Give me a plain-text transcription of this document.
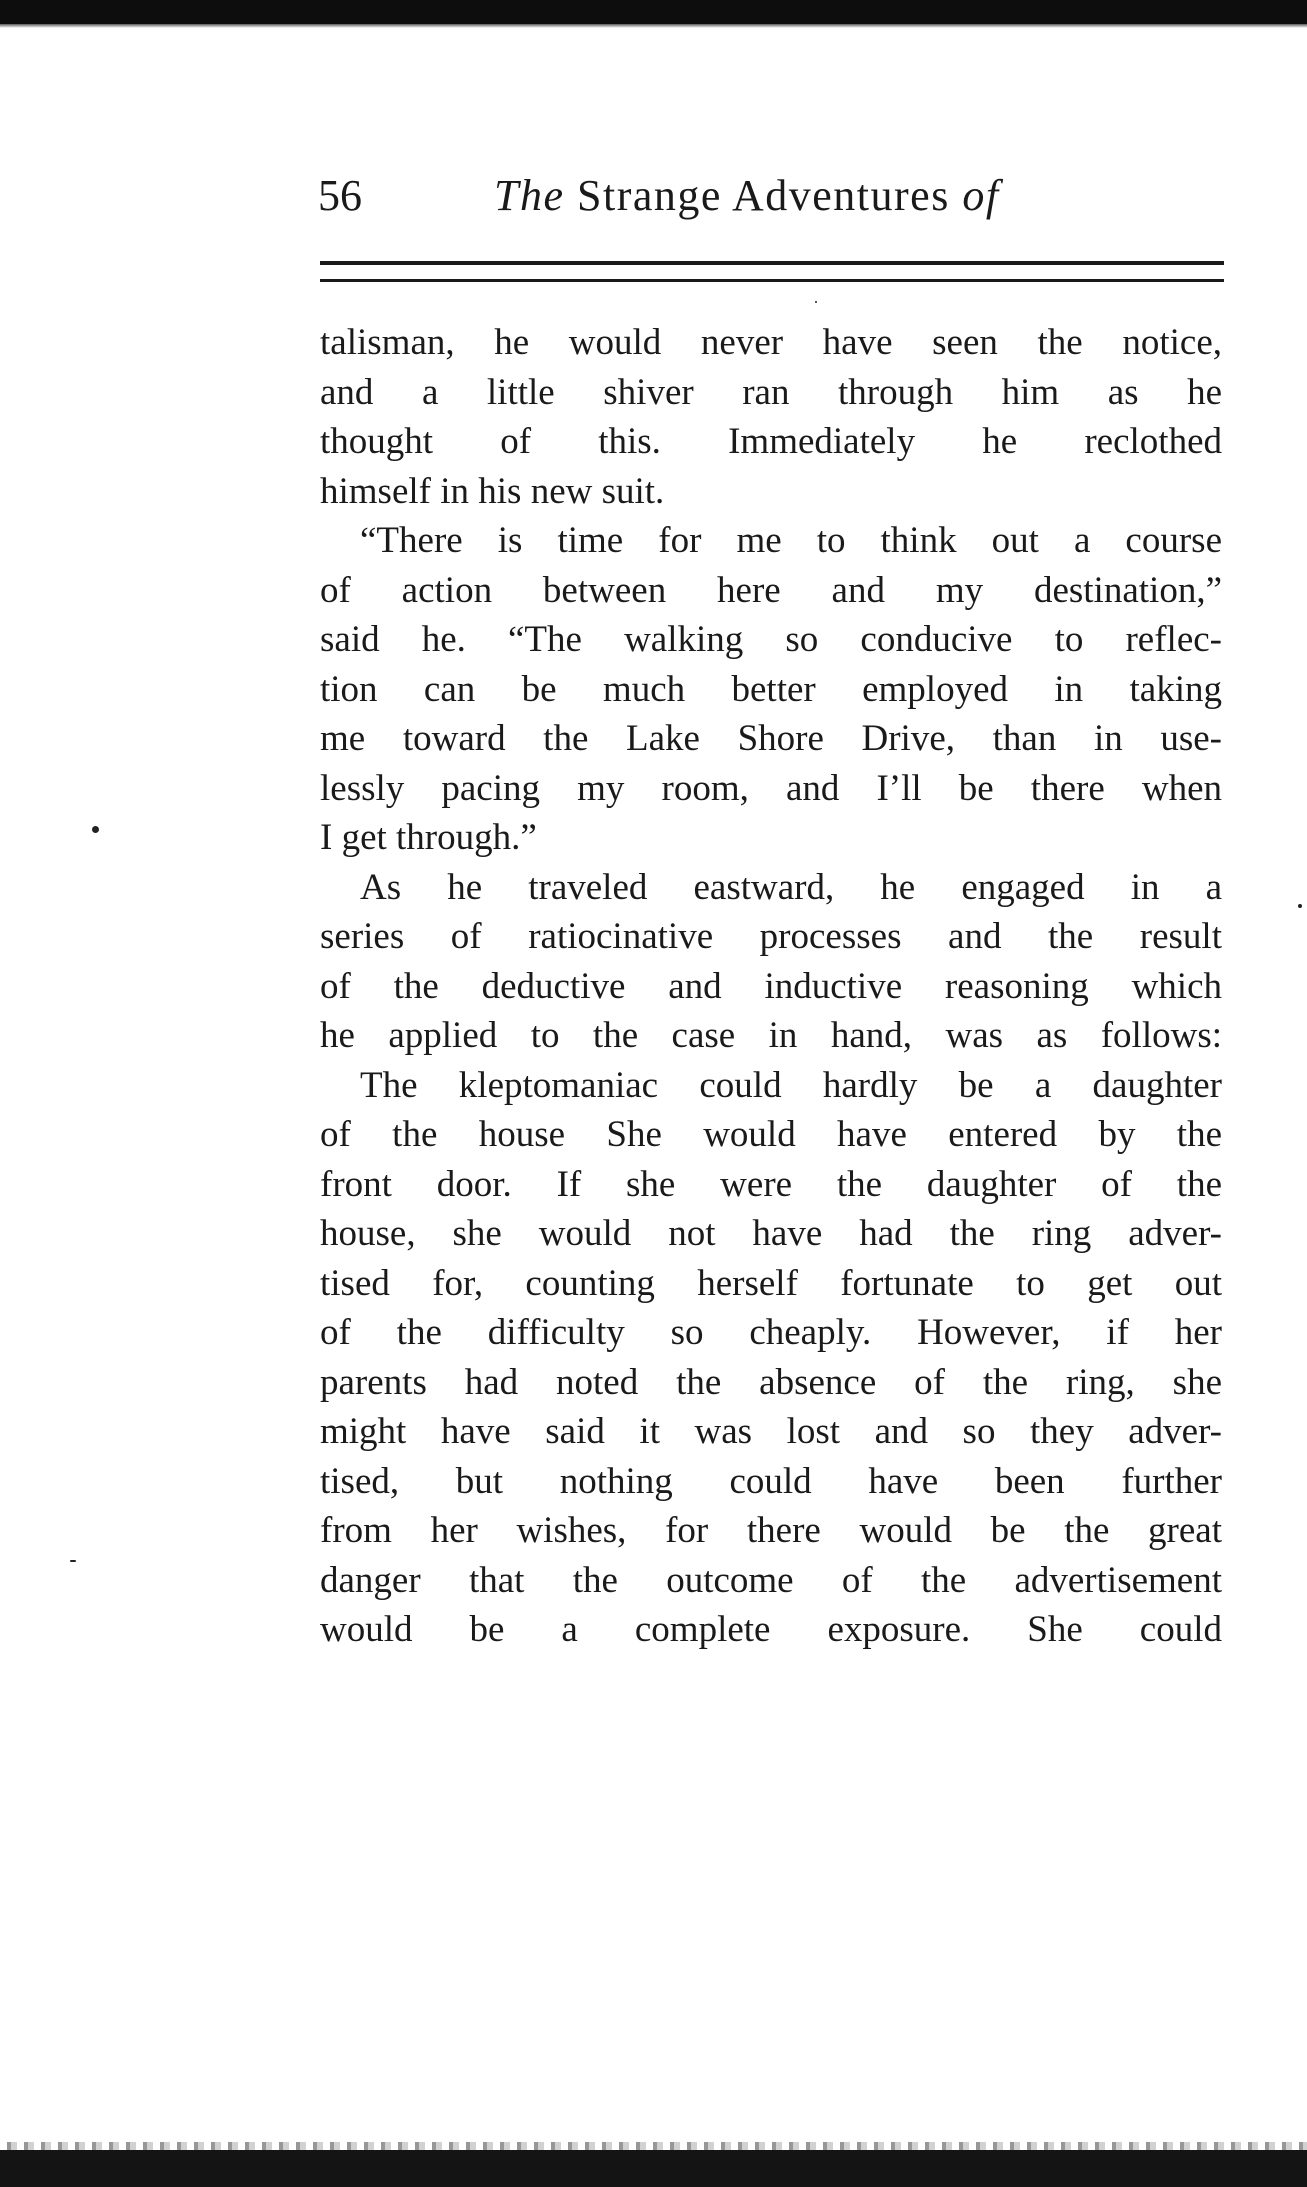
56	The Strange Adventures of
talisman, he would never have seen the notice,
and a little shiver ran through him as he
thought of this. Immediately he reclothed
himself in his new suit.
“There is time for me to think out a course
of action between here and my destination,”
said he. “The walking so conducive to reflec-
tion can be much better employed in taking
me toward the Lake Shore Drive, than in use-
lessly pacing my room, and I’ll be there when
I get through.”
As he traveled eastward, he engaged in a
series of ratiocinative processes and the result
of the deductive and inductive reasoning which
he applied to the case in hand, was as follows:
The kleptomaniac could hardly be a daughter
of the house She would have entered by the
front door. If she were the daughter of the
house, she would not have had the ring adver-
tised for, counting herself fortunate to get out
of the difficulty so cheaply. However, if her
parents had noted the absence of the ring, she
might have said it was lost and so they adver-
tised, but nothing could have been further
from her wishes, for there would be the great
danger that the outcome of the advertisement
would be a complete exposure. She could
